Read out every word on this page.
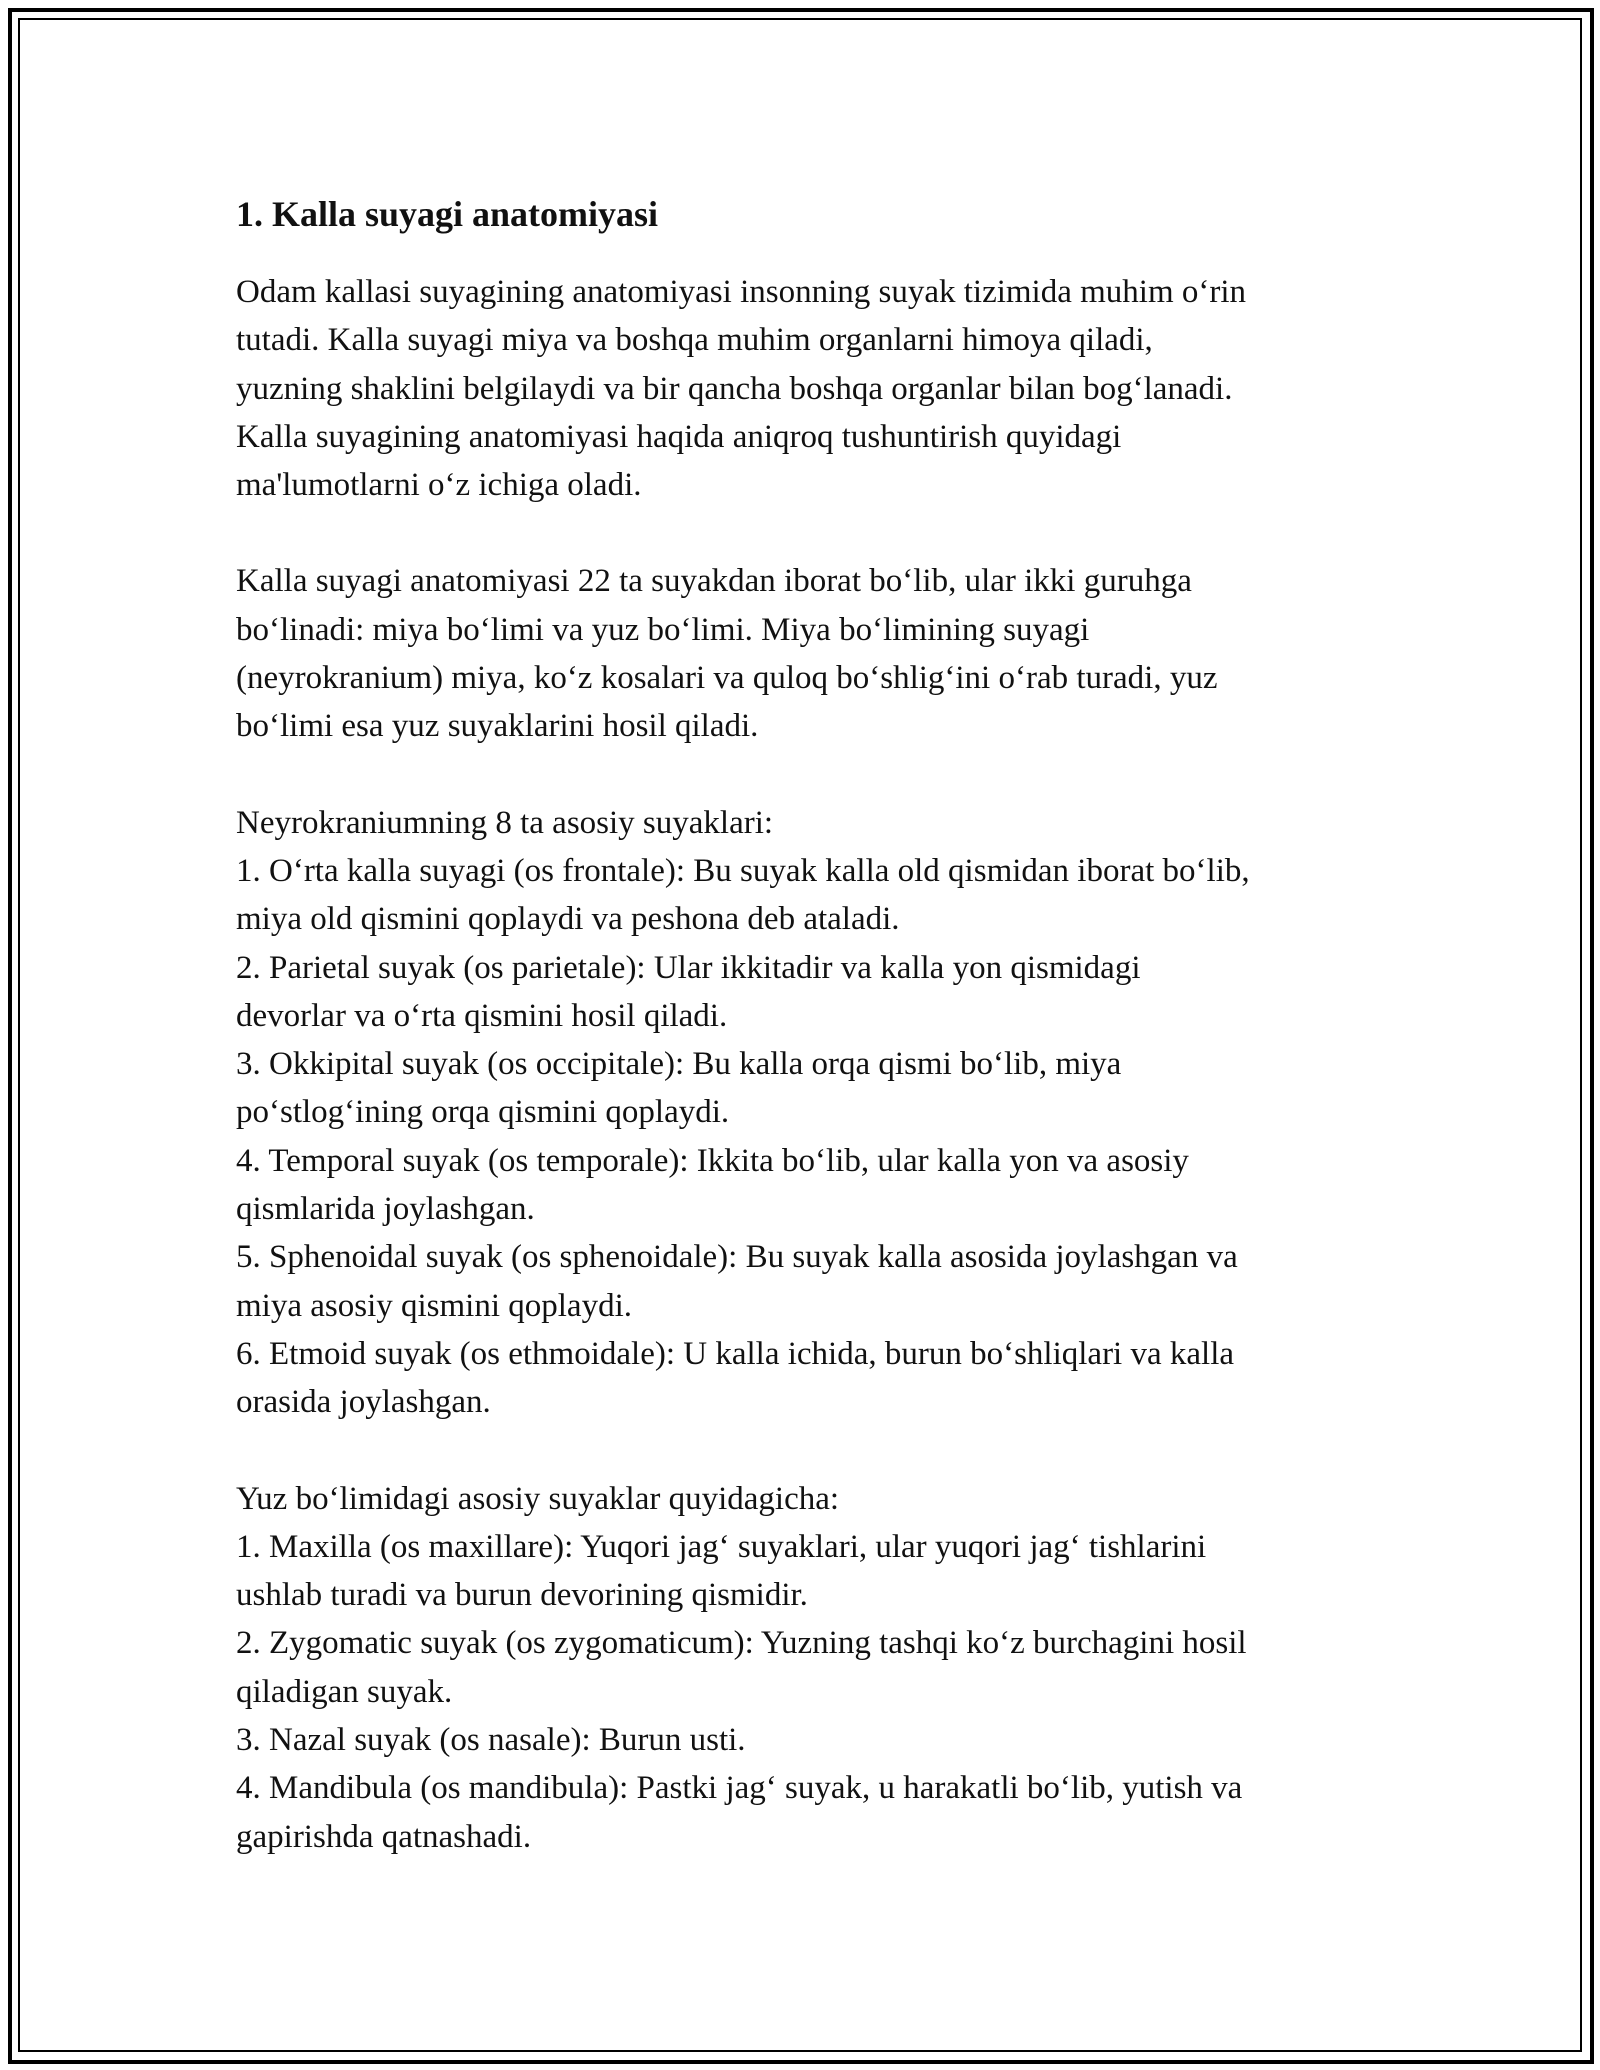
1. Kalla suyagi anatomiyasi

Odam kallasi suyagining anatomiyasi insonning suyak tizimida muhim o‘rin

tutadi. Kalla suyagi miya va boshqa muhim organlarni himoya qiladi,

yuzning shaklini belgilaydi va bir qancha boshqa organlar bilan bog‘lanadi.

Kalla suyagining anatomiyasi haqida aniqroq tushuntirish quyidagi

ma'lumotlarni o‘z ichiga oladi.

Kalla suyagi anatomiyasi 22 ta suyakdan iborat bo‘lib, ular ikki guruhga

bo‘linadi: miya bo‘limi va yuz bo‘limi. Miya bo‘limining suyagi

(neyrokranium) miya, ko‘z kosalari va quloq bo‘shlig‘ini o‘rab turadi, yuz

bo‘limi esa yuz suyaklarini hosil qiladi.

Neyrokraniumning 8 ta asosiy suyaklari:

1. O‘rta kalla suyagi (os frontale): Bu suyak kalla old qismidan iborat bo‘lib,

miya old qismini qoplaydi va peshona deb ataladi.

2. Parietal suyak (os parietale): Ular ikkitadir va kalla yon qismidagi

devorlar va o‘rta qismini hosil qiladi.

3. Okkipital suyak (os occipitale): Bu kalla orqa qismi bo‘lib, miya

po‘stlog‘ining orqa qismini qoplaydi.

4. Temporal suyak (os temporale): Ikkita bo‘lib, ular kalla yon va asosiy

qismlarida joylashgan.

5. Sphenoidal suyak (os sphenoidale): Bu suyak kalla asosida joylashgan va

miya asosiy qismini qoplaydi.

6. Etmoid suyak (os ethmoidale): U kalla ichida, burun bo‘shliqlari va kalla

orasida joylashgan.

Yuz bo‘limidagi asosiy suyaklar quyidagicha:

1. Maxilla (os maxillare): Yuqori jag‘ suyaklari, ular yuqori jag‘ tishlarini

ushlab turadi va burun devorining qismidir.

2. Zygomatic suyak (os zygomaticum): Yuzning tashqi ko‘z burchagini hosil

qiladigan suyak.

3. Nazal suyak (os nasale): Burun usti.

4. Mandibula (os mandibula): Pastki jag‘ suyak, u harakatli bo‘lib, yutish va

gapirishda qatnashadi.
